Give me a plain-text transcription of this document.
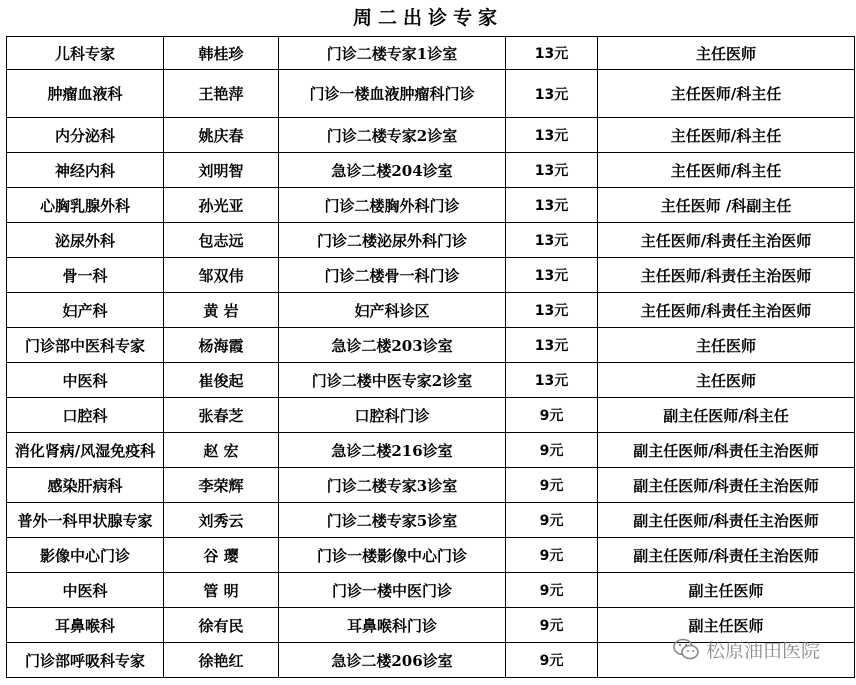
周二出诊专家
儿科专家	韩桂珍	门诊二楼专家1诊室	13元	主任医师
肿瘤血液科	王艳萍	门诊一楼血液肿瘤科门诊	13元	主任医师/科主任
内分泌科	姚庆春	门诊二楼专家2诊室	13元	主任医师/科主任
神经内科	刘明智	急诊二楼204诊室	13元	主任医师/科主任
心胸乳腺外科	孙光亚	门诊二楼胸外科门诊	13元	主任医师 /科副主任
泌尿外科	包志远	门诊二楼泌尿外科门诊	13元	主任医师/科责任主治医师
骨一科	邹双伟	门诊二楼骨一科门诊	13元	主任医师/科责任主治医师
妇产科	黄 岩	妇产科诊区	13元	主任医师/科责任主治医师
门诊部中医科专家	杨海霞	急诊二楼203诊室	13元	主任医师
中医科	崔俊起	门诊二楼中医专家2诊室	13元	主任医师
口腔科	张春芝	口腔科门诊	9元	副主任医师/科主任
消化肾病/风湿免疫科	赵 宏	急诊二楼216诊室	9元	副主任医师/科责任主治医师
感染肝病科	李荣辉	门诊二楼专家3诊室	9元	副主任医师/科责任主治医师
普外一科甲状腺专家	刘秀云	门诊二楼专家5诊室	9元	副主任医师/科责任主治医师
影像中心门诊	谷 璎	门诊一楼影像中心门诊	9元	副主任医师/科责任主治医师
中医科	管 明	门诊一楼中医门诊	9元	副主任医师
耳鼻喉科	徐有民	耳鼻喉科门诊	9元	副主任医师
门诊部呼吸科专家	徐艳红	急诊二楼206诊室	9元		松原油田医院
